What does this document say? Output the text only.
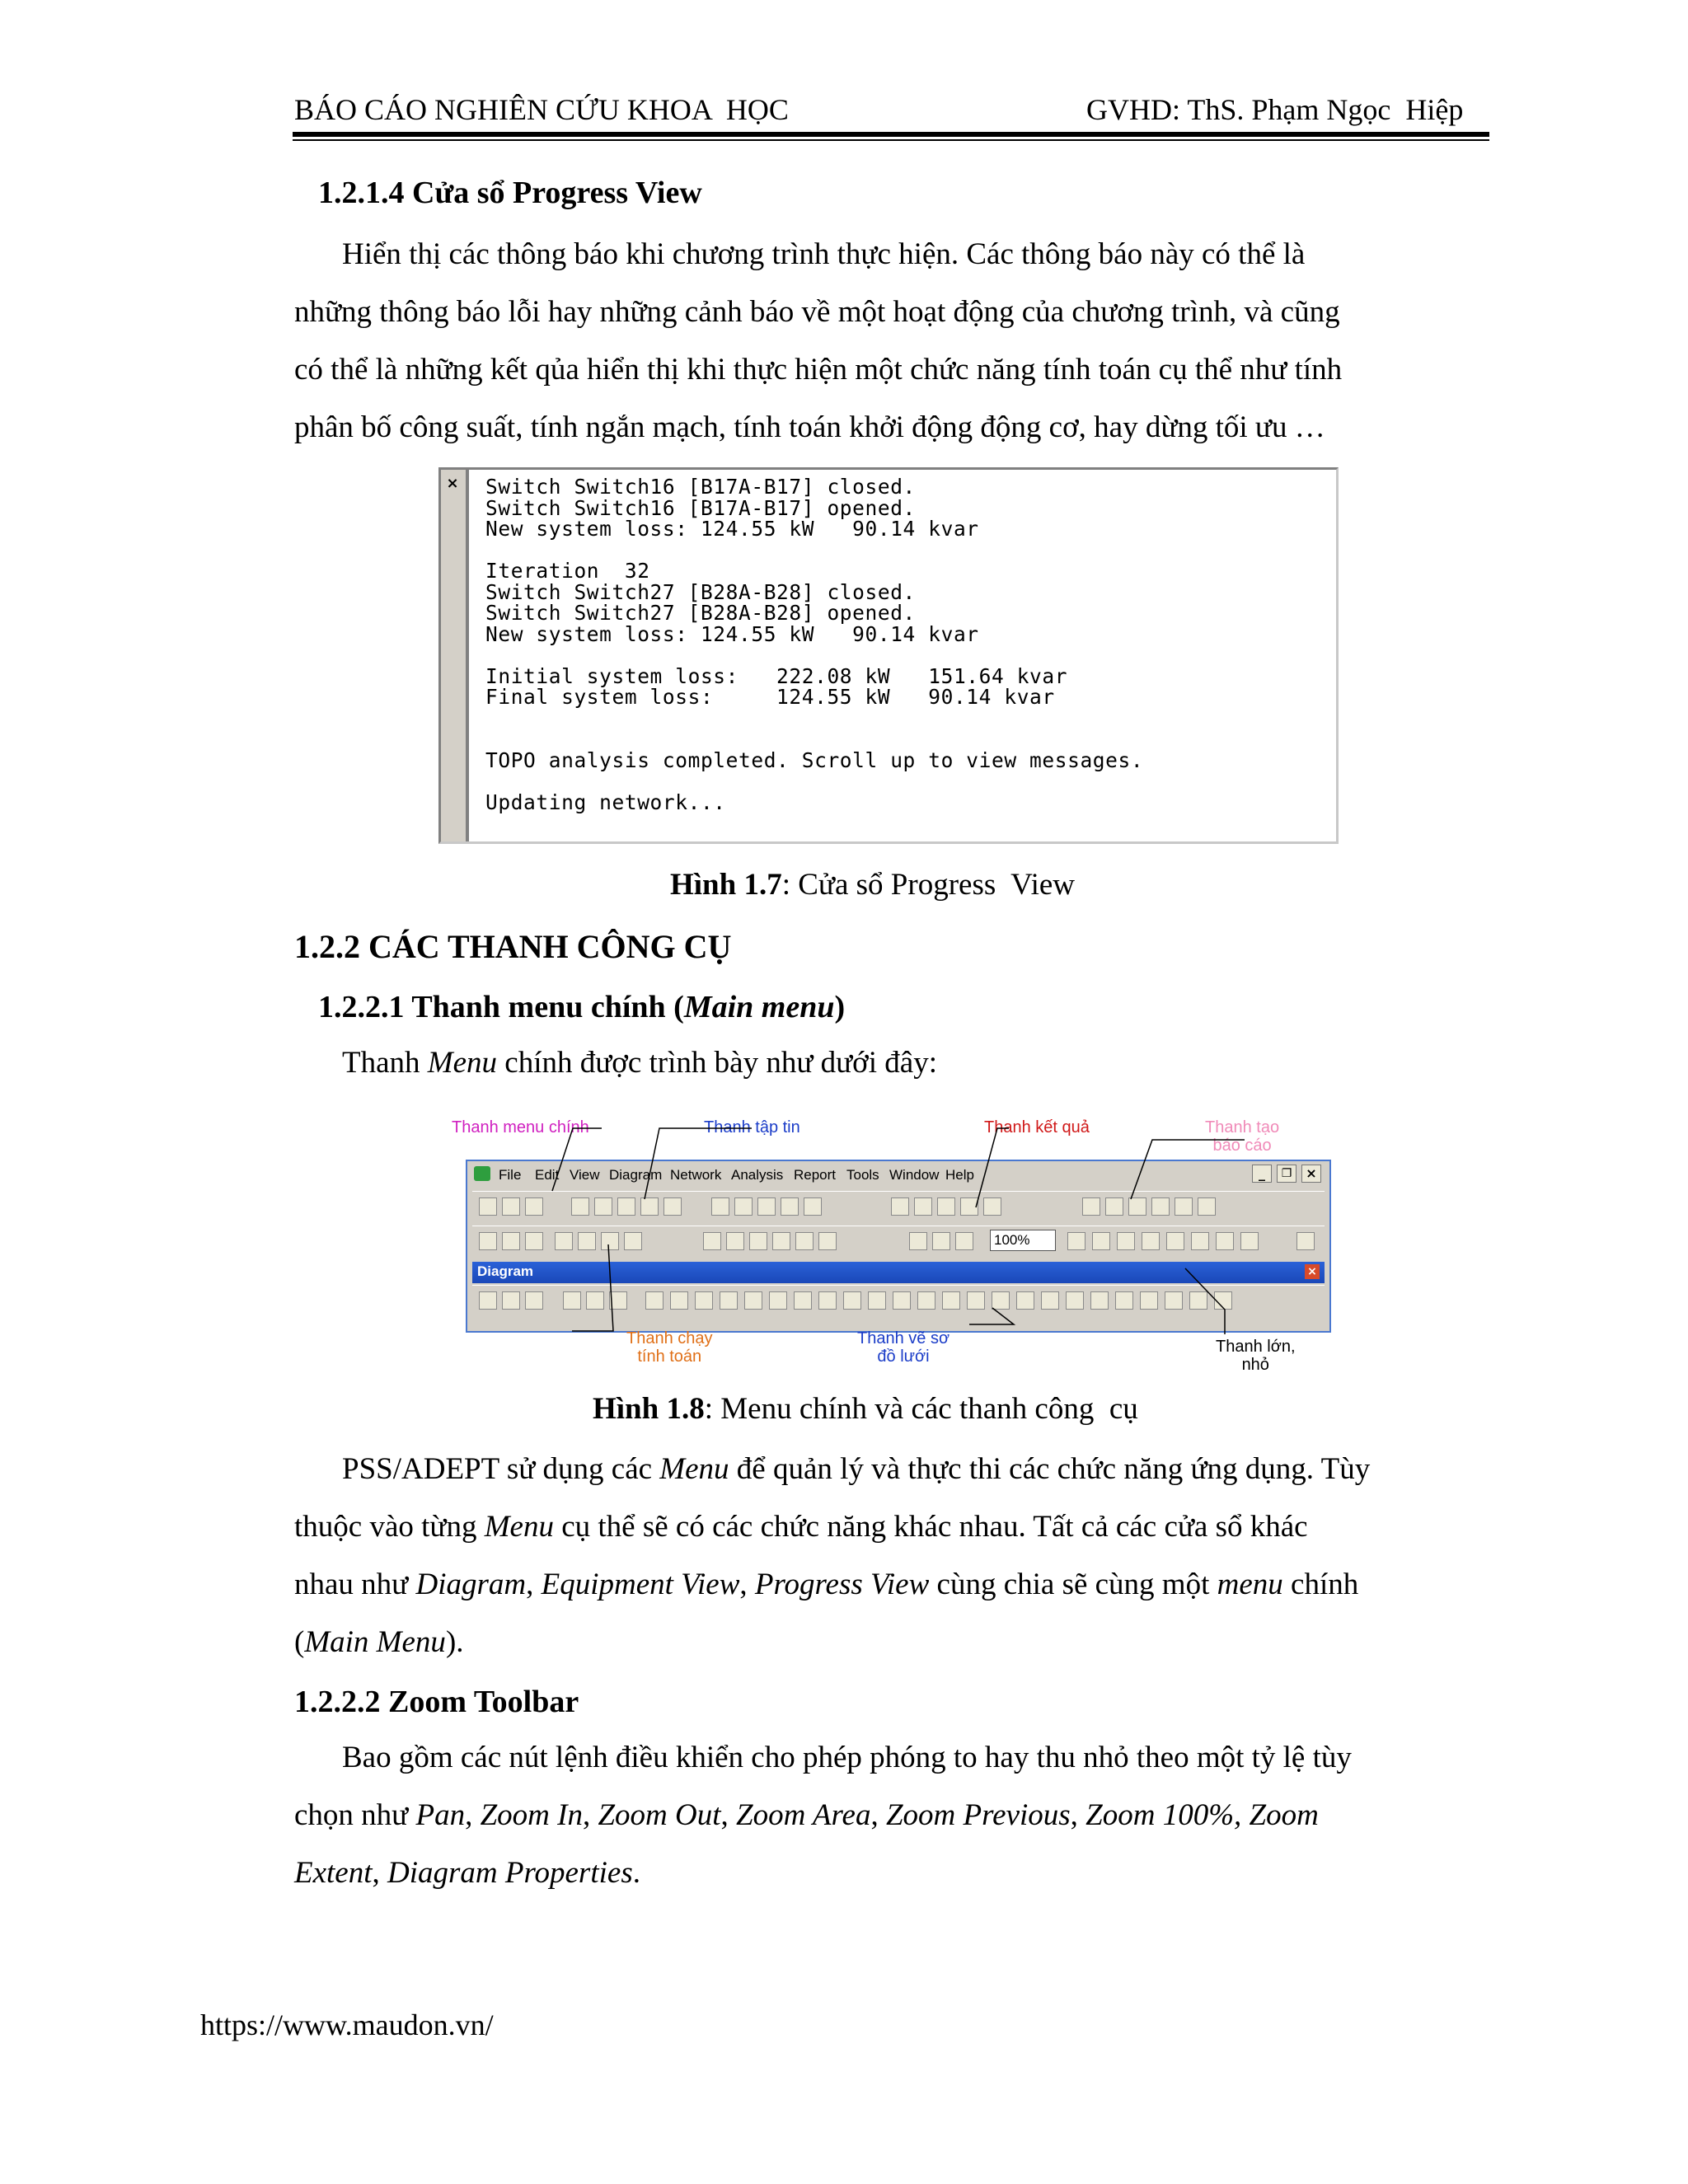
BÁO CÁO NGHIÊN CỨU KHOA  HỌC	GVHD: ThS. Phạm Ngọc  Hiệp
1.2.1.4 Cửa sổ Progress View
Hiển thị các thông báo khi chương trình thực hiện. Các thông báo này có thể là
những thông báo lỗi hay những cảnh báo về một hoạt động của chương trình, và cũng
có thể là những kết qủa hiển thị khi thực hiện một chức năng tính toán cụ thể như tính
phân bố công suất, tính ngắn mạch, tính toán khởi động động cơ, hay dừng tối ưu …
× Switch Switch16 [B17A-B17] closed.
Switch Switch16 [B17A-B17] opened.
New system loss: 124.55 kW   90.14 kvar

Iteration  32
Switch Switch27 [B28A-B28] closed.
Switch Switch27 [B28A-B28] opened.
New system loss: 124.55 kW   90.14 kvar

Initial system loss:   222.08 kW   151.64 kvar
Final system loss:     124.55 kW   90.14 kvar

TOPO analysis completed. Scroll up to view messages.

Updating network...
Hình 1.7: Cửa sổ Progress  View
1.2.2 CÁC THANH CÔNG CỤ
1.2.2.1 Thanh menu chính (Main menu)
Thanh Menu chính được trình bày như dưới đây:
Thanh menu chính	Thanh tập tin	Thanh kết quả	Thanh tạo
báo cáo
File Edit View Diagram Network Analysis Report Tools Window Help	_	❐	×
100%
Diagram	×
Thanh chạy
tính toán
Thanh vẽ sơ
đồ lưới
Thanh lớn,
nhỏ
Hình 1.8: Menu chính và các thanh công  cụ
PSS/ADEPT sử dụng các Menu để quản lý và thực thi các chức năng ứng dụng. Tùy
thuộc vào từng Menu cụ thể sẽ có các chức năng khác nhau. Tất cả các cửa sổ khác
nhau như Diagram, Equipment View, Progress View cùng chia sẽ cùng một menu chính
(Main Menu).
1.2.2.2 Zoom Toolbar
Bao gồm các nút lệnh điều khiển cho phép phóng to hay thu nhỏ theo một tỷ lệ tùy
chọn như Pan, Zoom In, Zoom Out, Zoom Area, Zoom Previous, Zoom 100%, Zoom
Extent, Diagram Properties.
https://www.maudon.vn/
